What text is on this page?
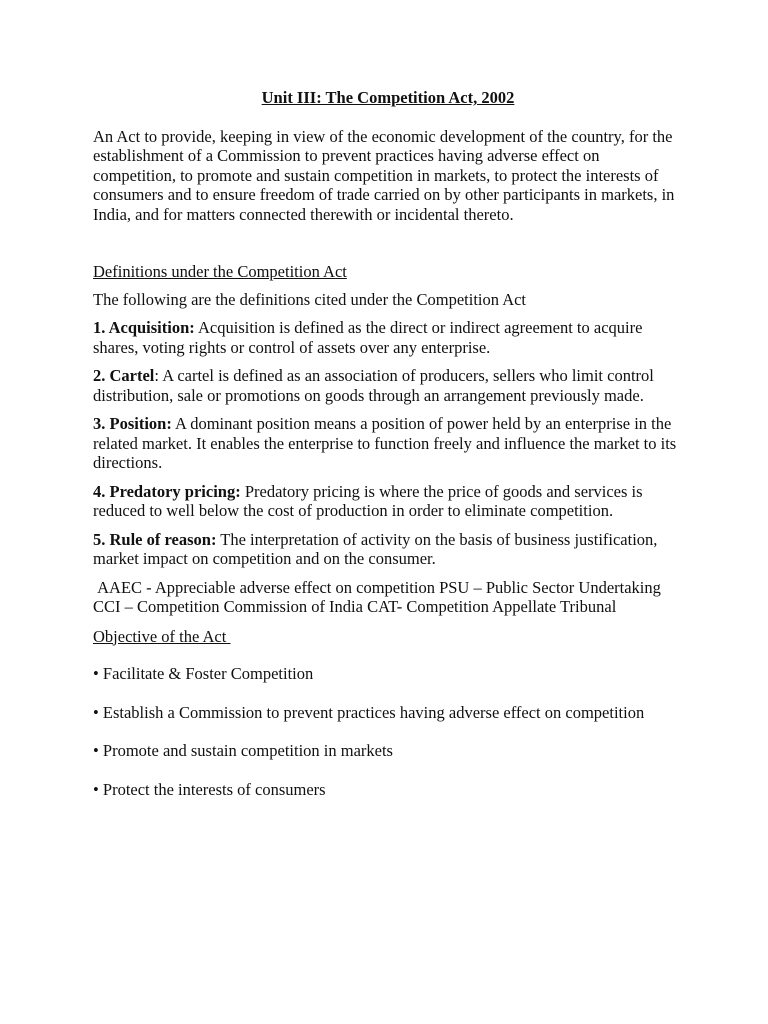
Unit III: The Competition Act, 2002
An Act to provide, keeping in view of the economic development of the country, for the establishment of a Commission to prevent practices having adverse effect on competition, to promote and sustain competition in markets, to protect the interests of consumers and to ensure freedom of trade carried on by other participants in markets, in India, and for matters connected therewith or incidental thereto.
Definitions under the Competition Act
The following are the definitions cited under the Competition Act
1. Acquisition: Acquisition is defined as the direct or indirect agreement to acquire shares, voting rights or control of assets over any enterprise.
2. Cartel: A cartel is defined as an association of producers, sellers who limit control distribution, sale or promotions on goods through an arrangement previously made.
3. Position: A dominant position means a position of power held by an enterprise in the related market. It enables the enterprise to function freely and influence the market to its directions.
4. Predatory pricing: Predatory pricing is where the price of goods and services is reduced to well below the cost of production in order to eliminate competition.
5. Rule of reason: The interpretation of activity on the basis of business justification, market impact on competition and on the consumer.
AAEC - Appreciable adverse effect on competition PSU – Public Sector Undertaking
CCI – Competition Commission of India CAT- Competition Appellate Tribunal
Objective of the Act
• Facilitate & Foster Competition
• Establish a Commission to prevent practices having adverse effect on competition
• Promote and sustain competition in markets
• Protect the interests of consumers
